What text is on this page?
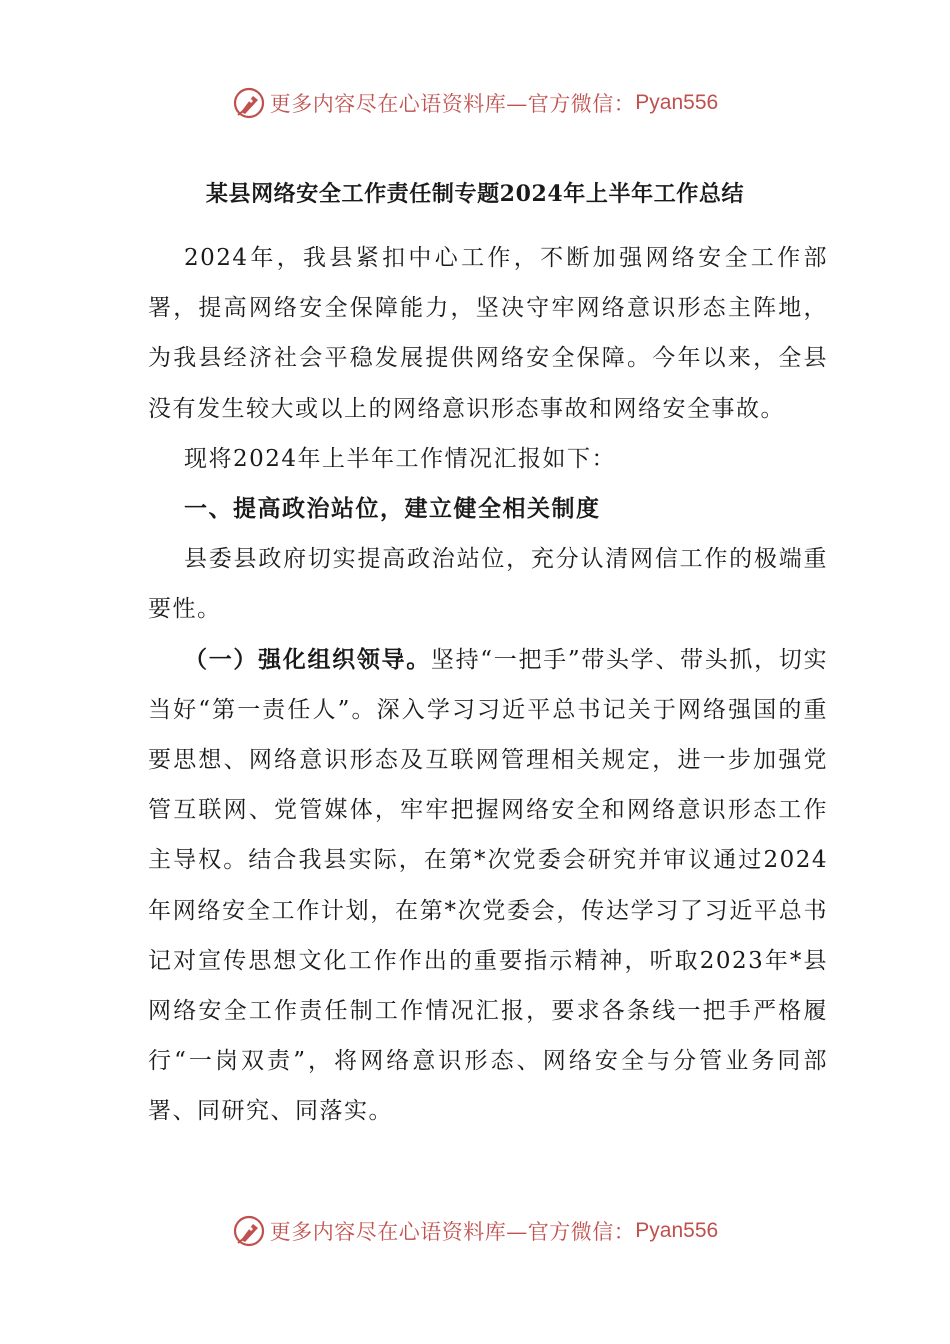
更多内容尽在心语资料库—官方微信： Pyan556
某县网络安全工作责任制专题2024年上半年工作总结

2024年，我县紧扣中心工作，不断加强网络安全工作部署，提高网络安全保障能力，坚决守牢网络意识形态主阵地，为我县经济社会平稳发展提供网络安全保障。今年以来，全县没有发生较大或以上的网络意识形态事故和网络安全事故。

现将2024年上半年工作情况汇报如下：

一、提高政治站位，建立健全相关制度

县委县政府切实提高政治站位，充分认清网信工作的极端重要性。

（一）强化组织领导。坚持“一把手”带头学、带头抓，切实当好“第一责任人”。深入学习习近平总书记关于网络强国的重要思想、网络意识形态及互联网管理相关规定，进一步加强党管互联网、党管媒体，牢牢把握网络安全和网络意识形态工作主导权。结合我县实际，在第*次党委会研究并审议通过2024年网络安全工作计划，在第*次党委会，传达学习了习近平总书记对宣传思想文化工作作出的重要指示精神，听取2023年*县网络安全工作责任制工作情况汇报，要求各条线一把手严格履行“一岗双责”，将网络意识形态、网络安全与分管业务同部署、同研究、同落实。

更多内容尽在心语资料库—官方微信： Pyan556
